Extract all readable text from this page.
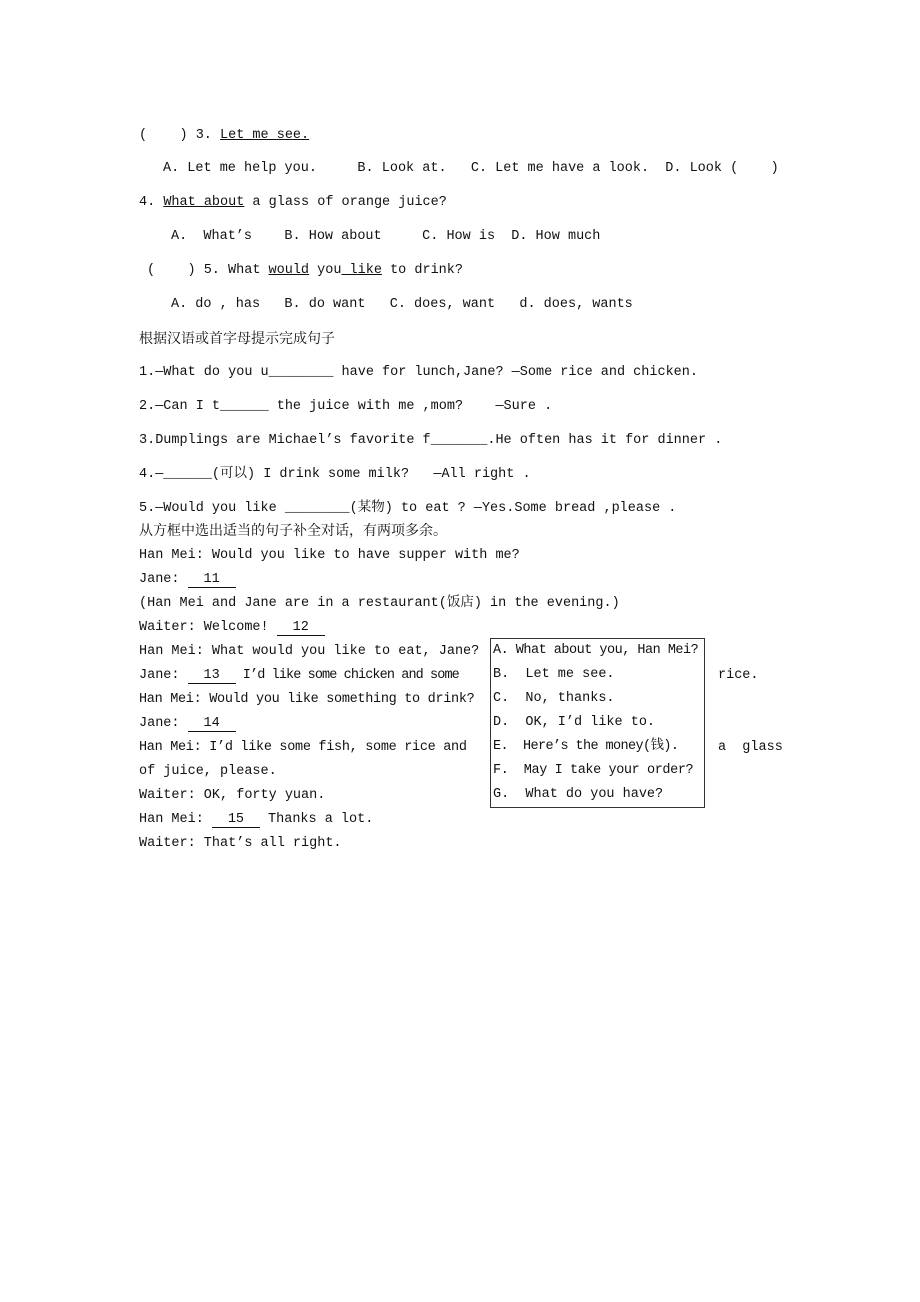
(    ) 3. Let me see.
A. Let me help you.     B. Look at.   C. Let me have a look.  D. Look (    )
4. What about a glass of orange juice?
A.  What’s    B. How about     C. How is  D. How much
(    ) 5. What would you like to drink?
A. do , has   B. do want   C. does, want   d. does, wants
根据汉语或首字母提示完成句子
1.—What do you u________ have for lunch,Jane? —Some rice and chicken.
2.—Can I t______ the juice with me ,mom?    —Sure .
3.Dumplings are Michael’s favorite f_______.He often has it for dinner .
4.—______(可以) I drink some milk?   —All right .
5.—Would you like ________(某物) to eat ? —Yes.Some bread ,please .
从方框中选出适当的句子补全对话，有两项多余。
Han Mei: Would you like to have supper with me?
Jane: 11
(Han Mei and Jane are in a restaurant(饭店) in the evening.)
Waiter: Welcome! 12
Han Mei: What would you like to eat, Jane?
Jane: 13 I’d like some chicken and some	rice.
Han Mei: Would you like something to drink?
Jane: 14
Han Mei: I’d like some fish, some rice and	a  glass
of juice, please.
Waiter: OK, forty yuan.
Han Mei: 15 Thanks a lot.
Waiter: That’s all right.
A. What about you, Han Mei?
B.  Let me see.
C.  No, thanks.
D.  OK, I’d like to.
E.  Here’s the money(钱).
F.  May I take your order?
G.  What do you have?
